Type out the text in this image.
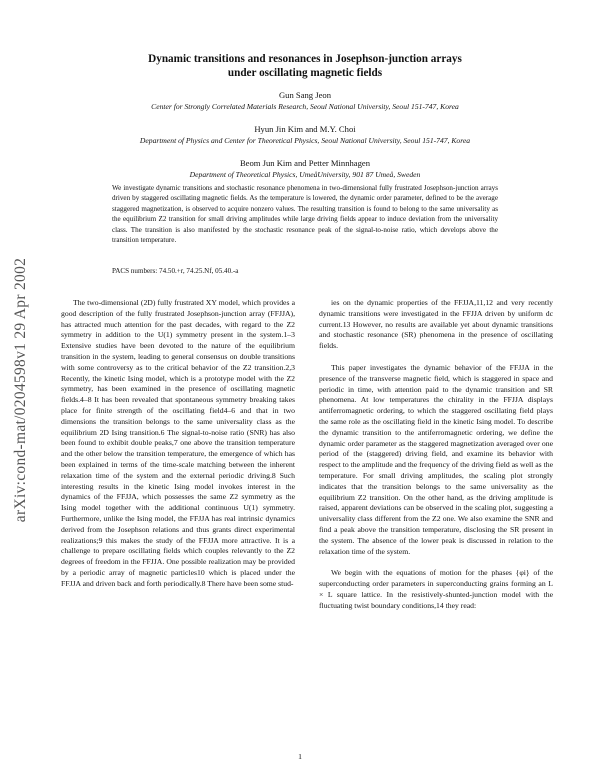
arXiv:cond-mat/0204598v1 29 Apr 2002
Dynamic transitions and resonances in Josephson-junction arrays
under oscillating magnetic fields
Gun Sang Jeon
Center for Strongly Correlated Materials Research, Seoul National University, Seoul 151-747, Korea
Hyun Jin Kim and M.Y. Choi
Department of Physics and Center for Theoretical Physics, Seoul National University, Seoul 151-747, Korea
Beom Jun Kim and Petter Minnhagen
Department of Theoretical Physics, UmeåUniversity, 901 87 Umeå, Sweden
We investigate dynamic transitions and stochastic resonance phenomena in two-dimensional fully frustrated Josephson-junction arrays driven by staggered oscillating magnetic fields. As the temperature is lowered, the dynamic order parameter, defined to be the average staggered magnetization, is observed to acquire nonzero values. The resulting transition is found to belong to the same universality as the equilibrium Z2 transition for small driving amplitudes while large driving fields appear to induce deviation from the universality class. The transition is also manifested by the stochastic resonance peak of the signal-to-noise ratio, which develops above the transition temperature.
PACS numbers: 74.50.+r, 74.25.Nf, 05.40.-a

The two-dimensional (2D) fully frustrated XY model, which provides a good description of the fully frustrated Josephson-junction array (FFJJA), has attracted much attention for the past decades, with regard to the Z2 symmetry in addition to the U(1) symmetry present in the system.1–3 Extensive studies have been devoted to the nature of the equilibrium transition in the system, leading to general consensus on double transitions with some controversy as to the critical behavior of the Z2 transition.2,3 Recently, the kinetic Ising model, which is a prototype model with the Z2 symmetry, has been examined in the presence of oscillating magnetic fields.4–8 It has been revealed that spontaneous symmetry breaking takes place for finite strength of the oscillating field4–6 and that in two dimensions the transition belongs to the same universality class as the equilibrium 2D Ising transition.6 The signal-to-noise ratio (SNR) has also been found to exhibit double peaks,7 one above the transition temperature and the other below the transition temperature, the emergence of which has been explained in terms of the time-scale matching between the inherent relaxation time of the system and the external periodic driving.8 Such interesting results in the kinetic Ising model invokes interest in the dynamics of the FFJJA, which possesses the same Z2 symmetry as the Ising model together with the additional continuous U(1) symmetry. Furthermore, unlike the Ising model, the FFJJA has real intrinsic dynamics derived from the Josephson relations and thus grants direct experimental realizations;9 this makes the study of the FFJJA more attractive. It is a challenge to prepare oscillating fields which couples relevantly to the Z2 degrees of freedom in the FFJJA. One possible realization may be provided by a periodic array of magnetic particles10 which is placed under the FFJJA and driven back and forth periodically.8 There have been some stud-

ies on the dynamic properties of the FFJJA,11,12 and very recently dynamic transitions were investigated in the FFJJA driven by uniform dc current.13 However, no results are available yet about dynamic transitions and stochastic resonance (SR) phenomena in the presence of oscillating fields.

This paper investigates the dynamic behavior of the FFJJA in the presence of the transverse magnetic field, which is staggered in space and periodic in time, with attention paid to the dynamic transition and SR phenomena. At low temperatures the chirality in the FFJJA displays antiferromagnetic ordering, to which the staggered oscillating field plays the same role as the oscillating field in the kinetic Ising model. To describe the dynamic transition to the antiferromagnetic ordering, we define the dynamic order parameter as the staggered magnetization averaged over one period of the (staggered) driving field, and examine its behavior with respect to the amplitude and the frequency of the driving field as well as the temperature. For small driving amplitudes, the scaling plot strongly indicates that the transition belongs to the same universality as the equilibrium Z2 transition. On the other hand, as the driving amplitude is raised, apparent deviations can be observed in the scaling plot, suggesting a universality class different from the Z2 one. We also examine the SNR and find a peak above the transition temperature, disclosing the SR present in the system. The absence of the lower peak is discussed in relation to the relaxation time of the system.

We begin with the equations of motion for the phases {φi} of the superconducting order parameters in superconducting grains forming an L × L square lattice. In the resistively-shunted-junction model with the fluctuating twist boundary conditions,14 they read:

1
